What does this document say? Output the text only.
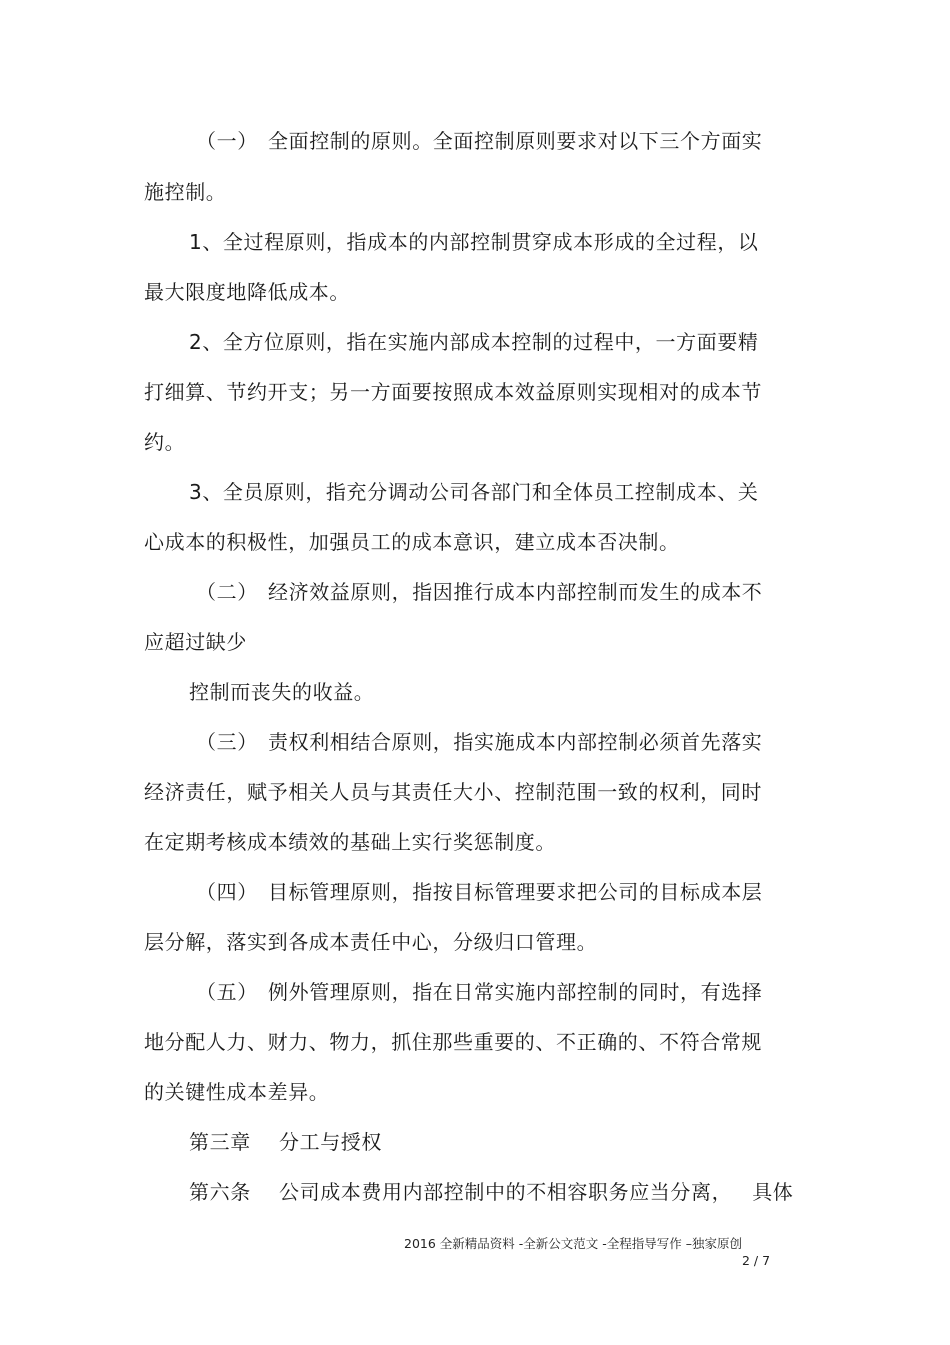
（一） 全面控制的原则。全面控制原则要求对以下三个方面实
施控制。
1、全过程原则，指成本的内部控制贯穿成本形成的全过程，以
最大限度地降低成本。
2、全方位原则，指在实施内部成本控制的过程中，一方面要精
打细算、节约开支；另一方面要按照成本效益原则实现相对的成本节
约。
3、全员原则，指充分调动公司各部门和全体员工控制成本、关
心成本的积极性，加强员工的成本意识，建立成本否决制。
（二） 经济效益原则，指因推行成本内部控制而发生的成本不
应超过缺少
控制而丧失的收益。
（三） 责权利相结合原则，指实施成本内部控制必须首先落实
经济责任，赋予相关人员与其责任大小、控制范围一致的权利，同时
在定期考核成本绩效的基础上实行奖惩制度。
（四） 目标管理原则，指按目标管理要求把公司的目标成本层
层分解，落实到各成本责任中心，分级归口管理。
（五） 例外管理原则，指在日常实施内部控制的同时，有选择
地分配人力、财力、物力，抓住那些重要的、不正确的、不符合常规
的关键性成本差异。
第三章 分工与授权
第六条 公司成本费用内部控制中的不相容职务应当分离， 具体
2016 全新精品资料 -全新公文范文 -全程指导写作 –独家原创
2 / 7
